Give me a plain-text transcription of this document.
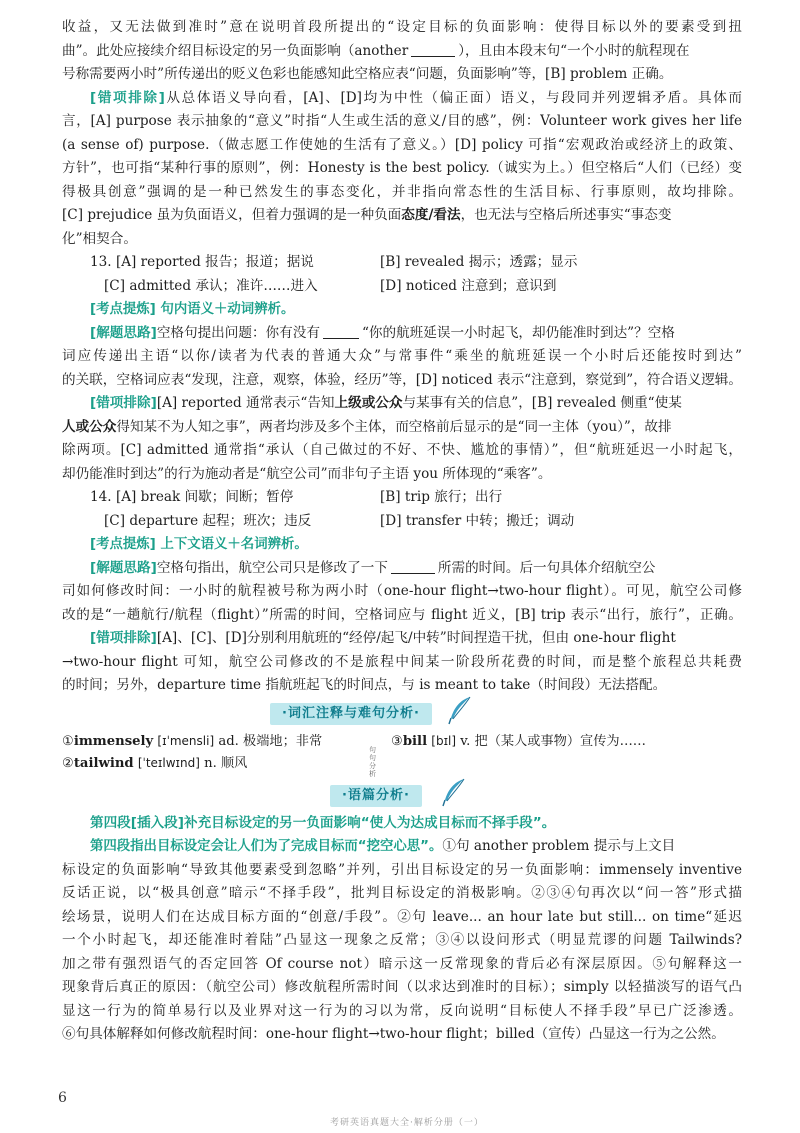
收益，又无法做到准时”意在说明首段所提出的“设定目标的负面影响：使得目标以外的要素受到扭
曲”。此处应接续介绍目标设定的另一负面影响（another	），且由本段末句“一个小时的航程现在
号称需要两小时”所传递出的贬义色彩也能感知此空格应表“问题，负面影响”等，[B] problem 正确。
[错项排除]从总体语义导向看，[A]、[D]均为中性（偏正面）语义，与段同并列逻辑矛盾。具体而
言，[A] purpose 表示抽象的“意义”时指“人生或生活的意义/目的感”，例：Volunteer work gives her life
(a sense of) purpose.（做志愿工作使她的生活有了意义。）[D] policy 可指“宏观政治或经济上的政策、
方针”，也可指“某种行事的原则”，例：Honesty is the best policy.（诚实为上。）但空格后“人们（已经）变
得极具创意”强调的是一种已然发生的事态变化，并非指向常态性的生活目标、行事原则，故均排除。
[C] prejudice 虽为负面语义，但着力强调的是一种负面态度/看法，也无法与空格后所述事实“事态变
化”相契合。
13. [A] reported 报告；报道；据说	[B] revealed 揭示；透露；显示
[C] admitted 承认；准许……进入	[D] noticed 注意到；意识到
[考点提炼] 句内语义＋动词辨析。
[解题思路]空格句提出问题：你有没有	“你的航班延误一小时起飞，却仍能准时到达”？空格
词应传递出主语“以你/读者为代表的普通大众”与常事件“乘坐的航班延误一个小时后还能按时到达”
的关联，空格词应表“发现，注意，观察，体验，经历”等，[D] noticed 表示“注意到，察觉到”，符合语义逻辑。
[错项排除][A] reported 通常表示“告知上级或公众与某事有关的信息”，[B] revealed 侧重“使某
人或公众得知某不为人知之事”，两者均涉及多个主体，而空格前后显示的是“同一主体（you）”，故排
除两项。[C] admitted 通常指“承认（自己做过的不好、不快、尴尬的事情）”，但“航班延迟一小时起飞，
却仍能准时到达”的行为施动者是“航空公司”而非句子主语 you 所体现的“乘客”。
14. [A] break 间歇；间断；暂停	[B] trip 旅行；出行
[C] departure 起程；班次；违反	[D] transfer 中转；搬迁；调动
[考点提炼] 上下文语义＋名词辨析。
[解题思路]空格句指出，航空公司只是修改了一下	所需的时间。后一句具体介绍航空公
司如何修改时间：一小时的航程被号称为两小时（one-hour flight→two-hour flight）。可见，航空公司修
改的是“一趟航行/航程（flight）”所需的时间，空格词应与 flight 近义，[B] trip 表示“出行，旅行”，正确。
[错项排除][A]、[C]、[D]分别利用航班的“经停/起飞/中转”时间捏造干扰，但由 one-hour flight
→two-hour flight 可知，航空公司修改的不是旅程中间某一阶段所花费的时间，而是整个旅程总共耗费
的时间；另外，departure time 指航班起飞的时间点，与 is meant to take（时间段）无法搭配。
·词汇注释与难句分析·
①immensely [ɪˈmensli] ad. 极端地；非常	③bill [bɪl] v. 把（某人或事物）宣传为……
②tailwind [ˈteɪlwɪnd] n. 顺风
·语篇分析·
第四段[插入段]补充目标设定的另一负面影响“使人为达成目标而不择手段”。
第四段指出目标设定会让人们为了完成目标而“挖空心思”。①句 another problem 提示与上文目
标设定的负面影响“导致其他要素受到忽略”并列，引出目标设定的另一负面影响：immensely inventive
反话正说，以“极具创意”暗示“不择手段”，批判目标设定的消极影响。②③④句再次以“问一答”形式描
绘场景，说明人们在达成目标方面的“创意/手段”。②句 leave... an hour late but still... on time“延迟
一个小时起飞，却还能准时着陆”凸显这一现象之反常；③④以设问形式（明显荒谬的问题 Tailwinds?
加之带有强烈语气的否定回答 Of course not）暗示这一反常现象的背后必有深层原因。⑤句解释这一
现象背后真正的原因：（航空公司）修改航程所需时间（以求达到准时的目标）；simply 以轻描淡写的语气凸
显这一行为的简单易行以及业界对这一行为的习以为常，反向说明“目标使人不择手段”早已广泛渗透。
⑥句具体解释如何修改航程时间：one-hour flight→two-hour flight；billed（宣传）凸显这一行为之公然。
句句分析
6
考研英语真题大全·解析分册（一）
